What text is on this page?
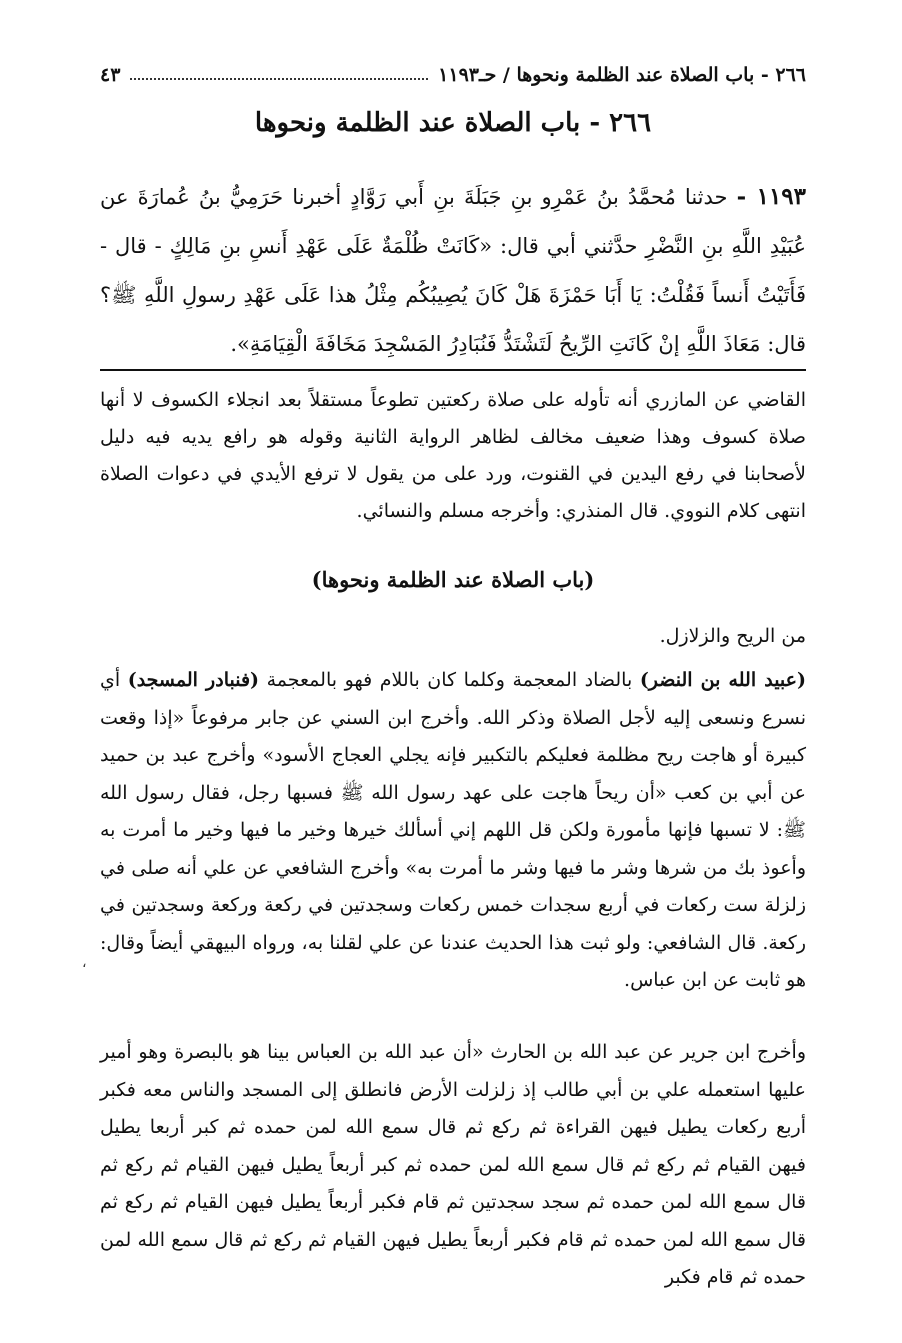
٢٦٦ - باب الصلاة عند الظلمة ونحوها / حـ١١٩٣
٤٣
٢٦٦ - باب الصلاة عند الظلمة ونحوها
١١٩٣ - حدثنا مُحمَّدُ بنُ عَمْرِو بنِ جَبَلَةَ بنِ أَبي رَوَّادٍ أخبرنا حَرَمِيُّ بنُ عُمارَةَ عن عُبَيْدِ اللَّهِ بنِ النَّضْرِ حدَّثني أبي قال: «كَانَتْ ظُلْمَةٌ عَلَى عَهْدِ أَنسِ بنِ مَالِكٍ - قال - فَأَتَيْتُ أَنساً فَقُلْتُ: يَا أَبَا حَمْزَةَ هَلْ كَانَ يُصِيبُكُم مِثْلُ هذا عَلَى عَهْدِ رسولِ اللَّهِ ﷺ؟ قال: مَعَاذَ اللَّهِ إنْ كَانَتِ الرِّيحُ لَتَشْتَدُّ فَنُبَادِرُ المَسْجِدَ مَخَافَةَ الْقِيَامَةِ».

القاضي عن المازري أنه تأوله على صلاة ركعتين تطوعاً مستقلاً بعد انجلاء الكسوف لا أنها صلاة كسوف وهذا ضعيف مخالف لظاهر الرواية الثانية وقوله هو رافع يديه فيه دليل لأصحابنا في رفع اليدين في القنوت، ورد على من يقول لا ترفع الأيدي في دعوات الصلاة انتهى كلام النووي. قال المنذري: وأخرجه مسلم والنسائي.

(باب الصلاة عند الظلمة ونحوها)

من الريح والزلازل.

(عبيد الله بن النضر) بالضاد المعجمة وكلما كان باللام فهو بالمعجمة (فنبادر المسجد) أي نسرع ونسعى إليه لأجل الصلاة وذكر الله. وأخرج ابن السني عن جابر مرفوعاً «إذا وقعت كبيرة أو هاجت ريح مظلمة فعليكم بالتكبير فإنه يجلي العجاج الأسود» وأخرج عبد بن حميد عن أبي بن كعب «أن ريحاً هاجت على عهد رسول الله ﷺ فسبها رجل، فقال رسول الله ﷺ: لا تسبها فإنها مأمورة ولكن قل اللهم إني أسألك خيرها وخير ما فيها وخير ما أمرت به وأعوذ بك من شرها وشر ما فيها وشر ما أمرت به» وأخرج الشافعي عن علي أنه صلى في زلزلة ست ركعات في أربع سجدات خمس ركعات وسجدتين في ركعة وركعة وسجدتين في ركعة. قال الشافعي: ولو ثبت هذا الحديث عندنا عن علي لقلنا به، ورواه البيهقي أيضاً وقال: هو ثابت عن ابن عباس.

،

وأخرج ابن جرير عن عبد الله بن الحارث «أن عبد الله بن العباس بينا هو بالبصرة وهو أمير عليها استعمله علي بن أبي طالب إذ زلزلت الأرض فانطلق إلى المسجد والناس معه فكبر أربع ركعات يطيل فيهن القراءة ثم ركع ثم قال سمع الله لمن حمده ثم كبر أربعا يطيل فيهن القيام ثم ركع ثم قال سمع الله لمن حمده ثم كبر أربعاً يطيل فيهن القيام ثم ركع ثم قال سمع الله لمن حمده ثم سجد سجدتين ثم قام فكبر أربعاً يطيل فيهن القيام ثم ركع ثم قال سمع الله لمن حمده ثم قام فكبر أربعاً يطيل فيهن القيام ثم ركع ثم قال سمع الله لمن حمده ثم قام فكبر
